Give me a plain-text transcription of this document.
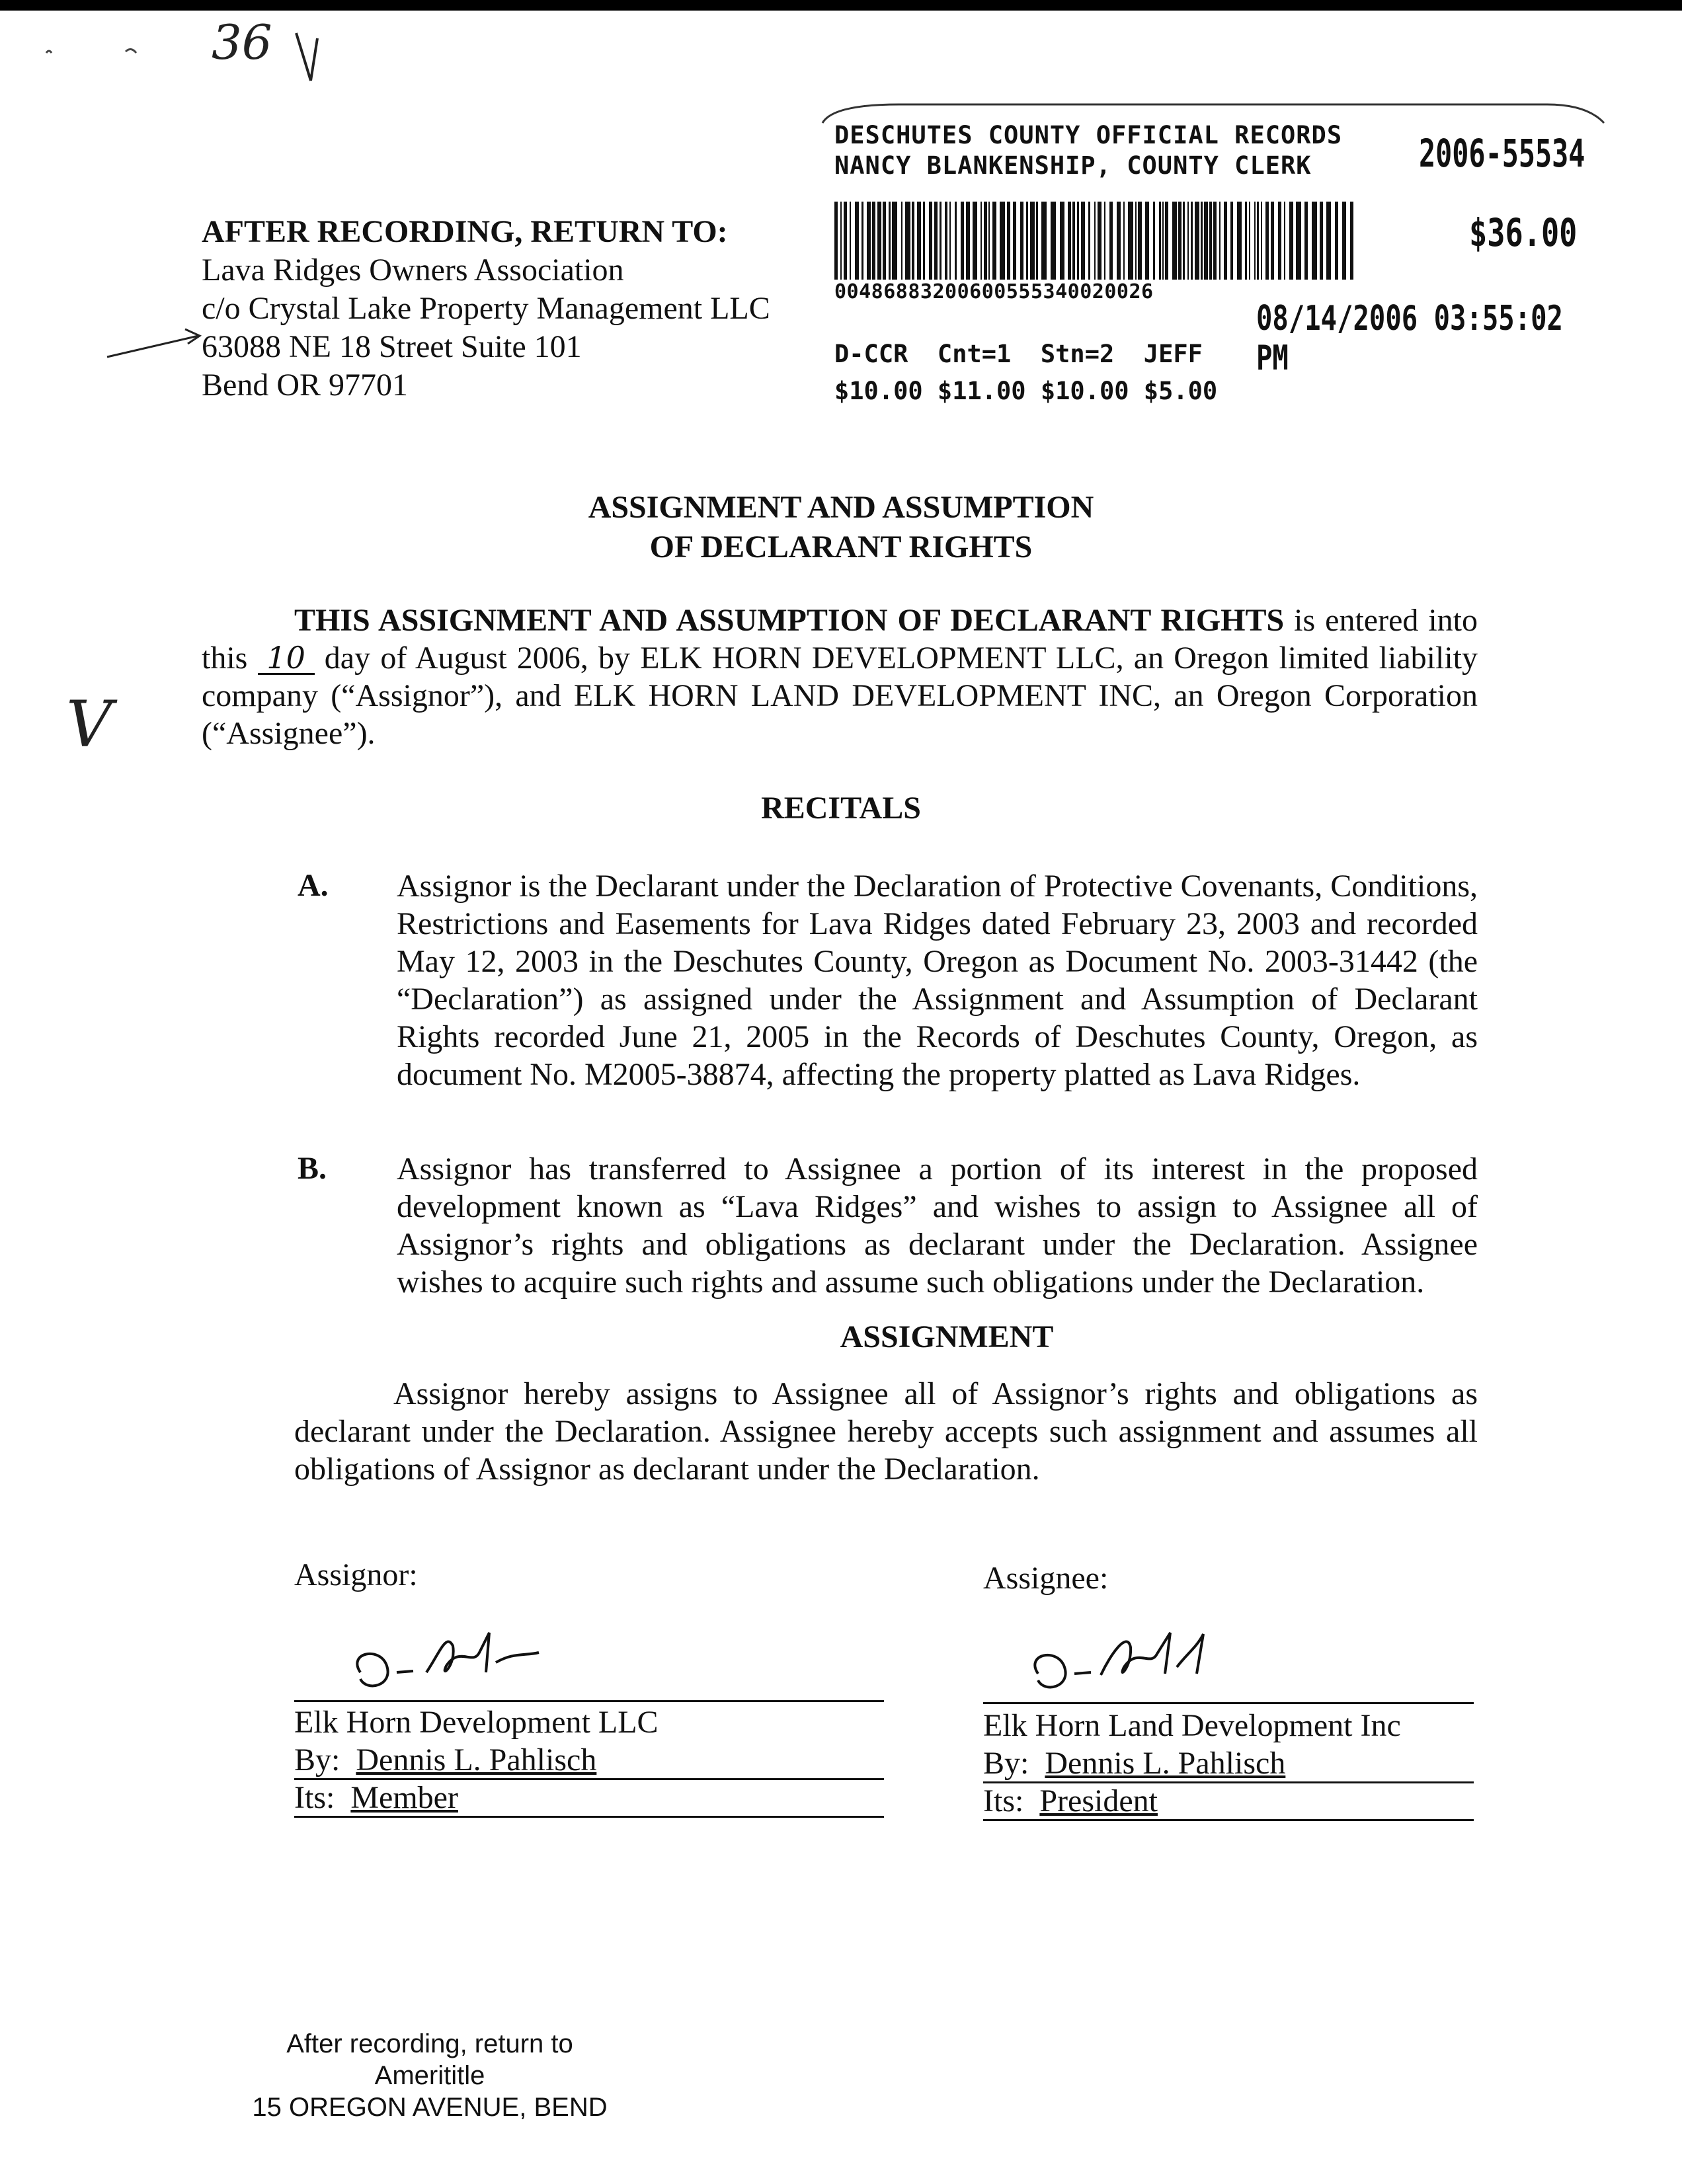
36
AFTER RECORDING, RETURN TO:
Lava Ridges Owners Association
c/o Crystal Lake Property Management LLC
63088 NE 18 Street Suite 101
Bend OR 97701
DESCHUTES COUNTY OFFICIAL RECORDS
NANCY BLANKENSHIP, COUNTY CLERK	2006-55534
$36.00
00486883200600555340020026
08/14/2006 03:55:02 PM
D-CCR  Cnt=1  Stn=2  JEFF
$10.00 $11.00 $10.00 $5.00
ASSIGNMENT AND ASSUMPTION
OF DECLARANT RIGHTS
THIS ASSIGNMENT AND ASSUMPTION OF DECLARANT RIGHTS is entered into this 10 day of August 2006, by ELK HORN DEVELOPMENT LLC, an Oregon limited liability company (“Assignor”), and ELK HORN LAND DEVELOPMENT INC, an Oregon Corporation (“Assignee”).
V
RECITALS
A. Assignor is the Declarant under the Declaration of Protective Covenants, Conditions, Restrictions and Easements for Lava Ridges dated February 23, 2003 and recorded May 12, 2003 in the Deschutes County, Oregon as Document No. 2003-31442 (the “Declaration”) as assigned under the Assignment and Assumption of Declarant Rights recorded June 21, 2005 in the Records of Deschutes County, Oregon, as document No. M2005-38874, affecting the property platted as Lava Ridges.
B. Assignor has transferred to Assignee a portion of its interest in the proposed development known as “Lava Ridges” and wishes to assign to Assignee all of Assignor’s rights and obligations as declarant under the Declaration. Assignee wishes to acquire such rights and assume such obligations under the Declaration.
ASSIGNMENT
Assignor hereby assigns to Assignee all of Assignor’s rights and obligations as declarant under the Declaration. Assignee hereby accepts such assignment and assumes all obligations of Assignor as declarant under the Declaration.
Assignor:
Elk Horn Development LLC
By: Dennis L. Pahlisch
Its: Member
Assignee:
Elk Horn Land Development Inc
By: Dennis L. Pahlisch
Its: President
After recording, return to
Amerititle
15 OREGON AVENUE, BEND
